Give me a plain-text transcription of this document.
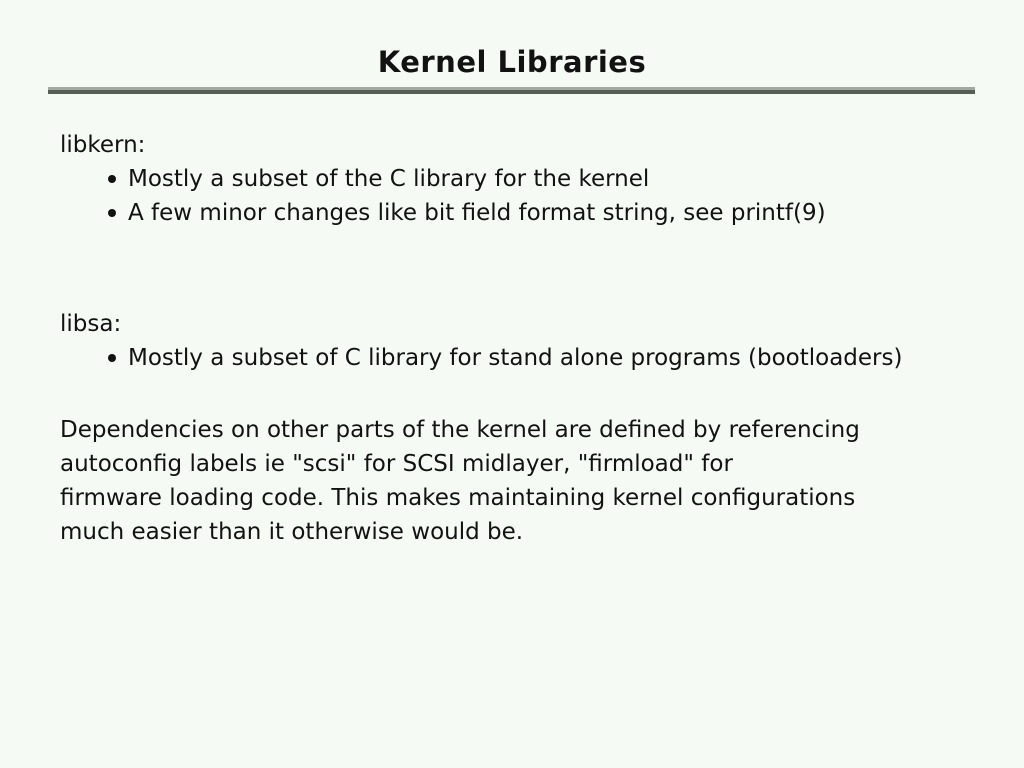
Kernel Libraries
libkern:
Mostly a subset of the C library for the kernel
A few minor changes like bit field format string, see printf(9)
libsa:
Mostly a subset of C library for stand alone programs (bootloaders)
Dependencies on other parts of the kernel are defined by referencing
autoconfig labels ie "scsi" for SCSI midlayer, "firmload" for
firmware loading code. This makes maintaining kernel configurations
much easier than it otherwise would be.
